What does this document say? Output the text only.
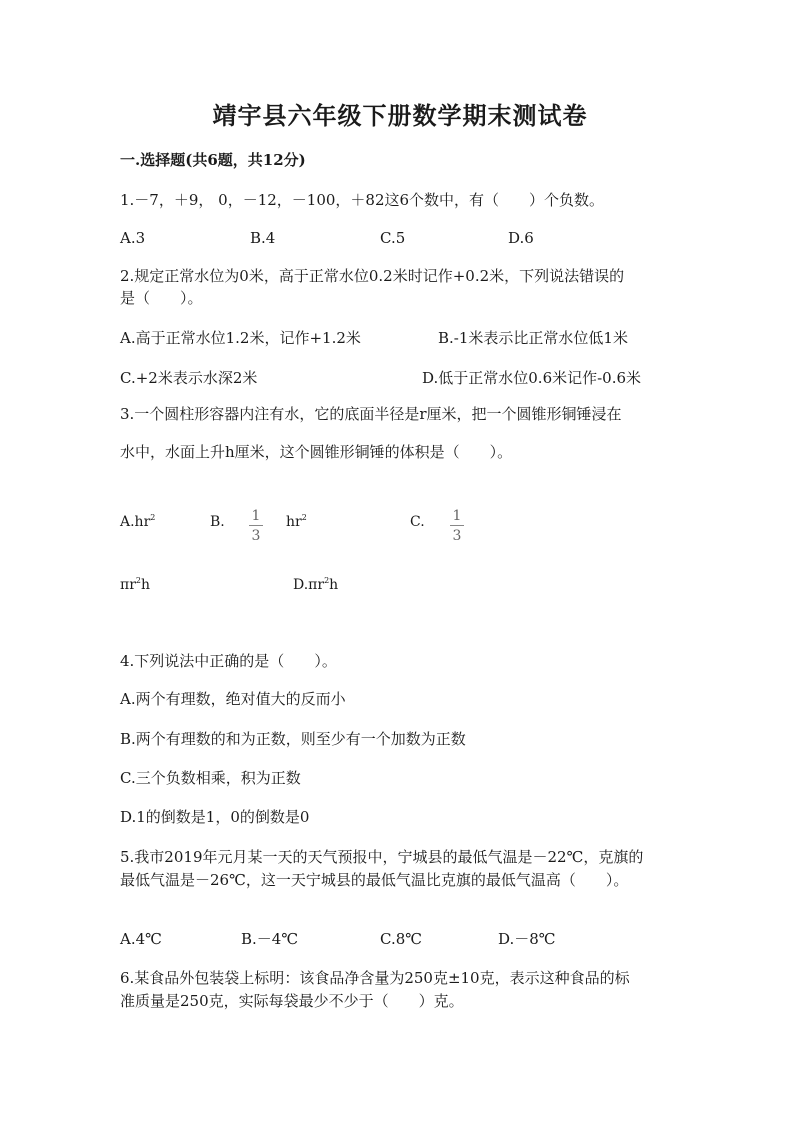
靖宇县六年级下册数学期末测试卷
一.选择题(共6题，共12分)
1.－7，＋9， 0，－12，－100，＋82这6个数中，有（　　）个负数。
A.3	B.4	C.5	D.6
2.规定正常水位为0米，高于正常水位0.2米时记作+0.2米，下列说法错误的
是（　　）。
A.高于正常水位1.2米，记作+1.2米	B.-1米表示比正常水位低1米
C.+2米表示水深2米	D.低于正常水位0.6米记作-0.6米
3.一个圆柱形容器内注有水，它的底面半径是r厘米，把一个圆锥形铜锤浸在
水中，水面上升h厘米，这个圆锥形铜锤的体积是（　　）。
$A.hr^2$	B. 1
3
$hr^2$	C. 1
3
$\pi r^2h$	$D.\pi r^2h$
4.下列说法中正确的是（　　）。
A.两个有理数，绝对值大的反而小
B.两个有理数的和为正数，则至少有一个加数为正数
C.三个负数相乘，积为正数
D.1的倒数是1，0的倒数是0
5.我市2019年元月某一天的天气预报中，宁城县的最低气温是－22℃，克旗的
最低气温是－26℃，这一天宁城县的最低气温比克旗的最低气温高（　　）。
A.4℃	B.－4℃	C.8℃	D.－8℃
6.某食品外包装袋上标明：该食品净含量为250克±10克，表示这种食品的标
准质量是250克，实际每袋最少不少于（　　）克。
